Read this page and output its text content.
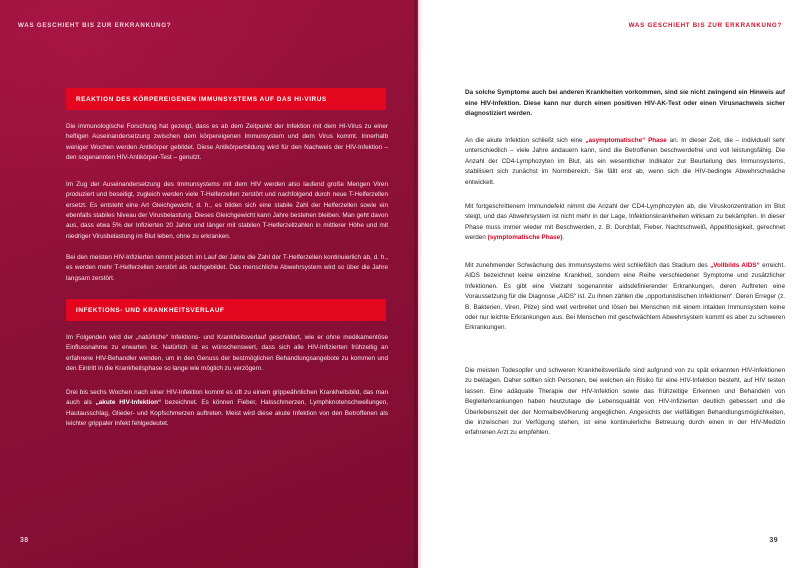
WAS GESCHIEHT BIS ZUR ERKRANKUNG?
REAKTION DES KÖRPEREIGENEN IMMUNSYSTEMS AUF DAS HI-VIRUS
Die immunologische Forschung hat gezeigt, dass es ab dem Zeitpunkt der Infektion mit dem HI-Virus zu einer heftigen Auseinandersetzung zwischen dem körpereigenen Immunsystem und dem Virus kommt. Innerhalb weniger Wochen werden Antikörper gebildet. Diese Antikörperbildung wird für den Nachweis der HIV-Infektion – den sogenannten HIV-Antikörper-Test – genutzt.
Im Zug der Auseinandersetzung des Immunsystems mit dem HIV werden also laufend große Mengen Viren produziert und beseitigt, zugleich werden viele T-Helferzellen zerstört und nachfolgend durch neue T-Helferzellen ersetzt. Es entsteht eine Art Gleichgewicht, d. h., es bilden sich eine stabile Zahl der Helferzellen sowie ein ebenfalls stabiles Niveau der Virusbelastung. Dieses Gleichgewicht kann Jahre bestehen bleiben. Man geht davon aus, dass etwa 5% der Infizierten 20 Jahre und länger mit stabilen T-Helferzellzahlen in mittlerer Höhe und mit niedriger Virusbelastung im Blut leben, ohne zu erkranken.
Bei den meisten HIV-Infizierten nimmt jedoch im Lauf der Jahre die Zahl der T-Helferzellen kontinuierlich ab, d. h., es werden mehr T-Helferzellen zerstört als nachgebildet. Das menschliche Abwehrsystem wird so über die Jahre langsam zerstört.
INFEKTIONS- UND KRANKHEITSVERLAUF
Im Folgenden wird der „natürliche“ Infektions- und Krankheitsverlauf geschildert, wie er ohne medikamentöse Einflussnahme zu erwarten ist. Natürlich ist es wünschenswert, dass sich alle HIV-Infizierten frühzeitig an erfahrene HIV-Behandler wenden, um in den Genuss der bestmöglichen Behandlungsangebote zu kommen und den Eintritt in die Krankheitsphase so lange wie möglich zu verzögern.
Drei bis sechs Wochen nach einer HIV-Infektion kommt es oft zu einem grippeähnlichen Krankheitsbild, das man auch als „akute HIV-Infektion“ bezeichnet. Es können Fieber, Halsschmerzen, Lymphknotenschwellungen, Hautausschlag, Glieder- und Kopfschmerzen auftreten. Meist wird diese akute Infektion von den Betroffenen als leichter grippaler Infekt fehlgedeutet.
38
WAS GESCHIEHT BIS ZUR ERKRANKUNG?
Da solche Symptome auch bei anderen Krankheiten vorkommen, sind sie nicht zwingend ein Hinweis auf eine HIV-Infektion. Diese kann nur durch einen positiven HIV-AK-Test oder einen Virusnachweis sicher diagnostiziert werden.
An die akute Infektion schließt sich eine „asymptomatische“ Phase an. In dieser Zeit, die – individuell sehr unterschiedlich – viele Jahre andauern kann, sind die Betroffenen beschwerdefrei und voll leistungsfähig. Die Anzahl der CD4-Lymphozyten im Blut, als ein wesentlicher Indikator zur Beurteilung des Immunsystems, stabilisiert sich zunächst im Normbereich. Sie fällt erst ab, wenn sich die HIV-bedingte Abwehrschwäche entwickelt.
Mit fortgeschrittenem Immundefekt nimmt die Anzahl der CD4-Lymphozyten ab, die Viruskonzentration im Blut steigt, und das Abwehrsystem ist nicht mehr in der Lage, Infektionskrankheiten wirksam zu bekämpfen. In dieser Phase muss immer wieder mit Beschwerden, z. B. Durchfall, Fieber, Nachtschweiß, Appetitlosigkeit, gerechnet werden (symptomatische Phase).
Mit zunehmender Schwächung des Immunsystems wird schließlich das Stadium des „Vollbilds AIDS“ erreicht. AIDS bezeichnet keine einzelne Krankheit, sondern eine Reihe verschiedener Symptome und zusätzlicher Infektionen. Es gibt eine Vielzahl sogenannter aidsdefinierender Erkrankungen, deren Auftreten eine Voraussetzung für die Diagnose „AIDS“ ist. Zu ihnen zählen die „opportunistischen Infektionen“. Deren Erreger (z. B. Bakterien, Viren, Pilze) sind weit verbreitet und lösen bei Menschen mit einem intakten Immunsystem keine oder nur leichte Erkrankungen aus. Bei Menschen mit geschwächtem Abwehrsystem kommt es aber zu schweren Erkrankungen.
Die meisten Todesopfer und schweren Krankheitsverläufe sind aufgrund von zu spät erkannten HIV-Infektionen zu beklagen. Daher sollten sich Personen, bei welchen ein Risiko für eine HIV-Infektion besteht, auf HIV testen lassen. Eine adäquate Therapie der HIV-Infektion sowie das frühzeitige Erkennen und Behandeln von Begleiterkrankungen haben heutzutage die Lebensqualität von HIV-Infizierten deutlich gebessert und die Überlebenszeit der der Normalbevölkerung angeglichen. Angesichts der vielfältigen Behandlungsmöglichkeiten, die inzwischen zur Verfügung stehen, ist eine kontinuierliche Betreuung durch einen in der HIV-Medizin erfahrenen Arzt zu empfehlen.
39
